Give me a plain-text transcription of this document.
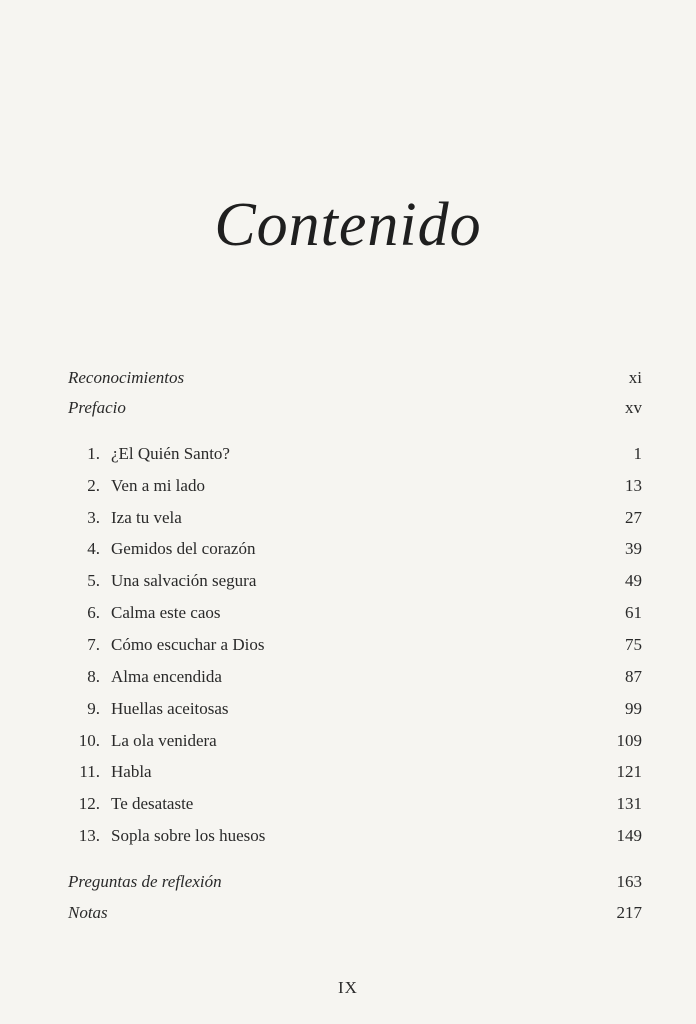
Contenido
Reconocimientos	xi
Prefacio	xv
1. ¿El Quién Santo?	1
2. Ven a mi lado	13
3. Iza tu vela	27
4. Gemidos del corazón	39
5. Una salvación segura	49
6. Calma este caos	61
7. Cómo escuchar a Dios	75
8. Alma encendida	87
9. Huellas aceitosas	99
10. La ola venidera	109
11. Habla	121
12. Te desataste	131
13. Sopla sobre los huesos	149
Preguntas de reflexión	163
Notas	217
IX
